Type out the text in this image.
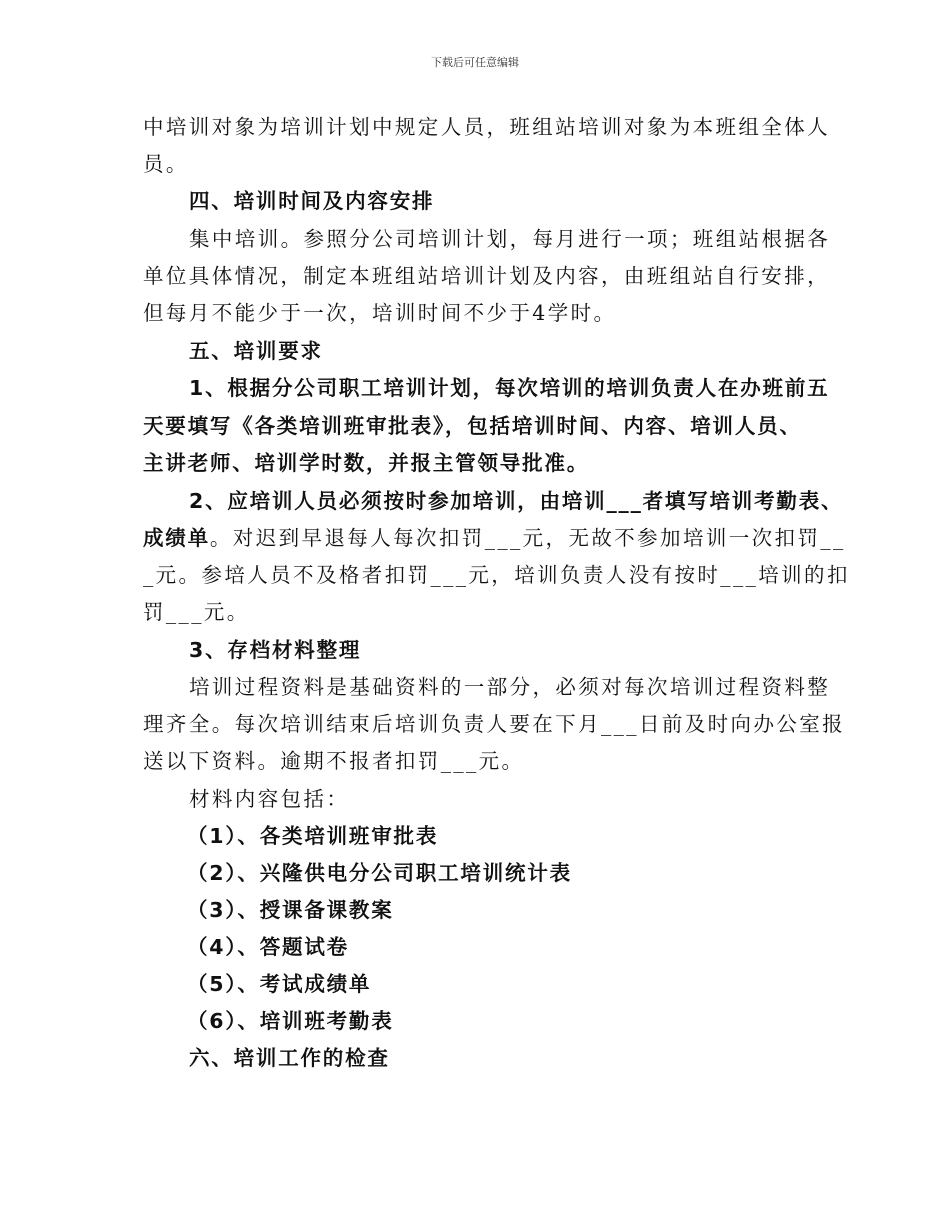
下载后可任意编辑
中培训对象为培训计划中规定人员，班组站培训对象为本班组全体人
员。
四、培训时间及内容安排
集中培训。参照分公司培训计划，每月进行一项；班组站根据各
单位具体情况，制定本班组站培训计划及内容，由班组站自行安排，
但每月不能少于一次，培训时间不少于4学时。
五、培训要求
1、根据分公司职工培训计划，每次培训的培训负责人在办班前五
天要填写《各类培训班审批表》，包括培训时间、内容、培训人员、
主讲老师、培训学时数，并报主管领导批准。
2、应培训人员必须按时参加培训，由培训___者填写培训考勤表、
成绩单。对迟到早退每人每次扣罚___元，无故不参加培训一次扣罚__
_元。参培人员不及格者扣罚___元，培训负责人没有按时___培训的扣
罚___元。
3、存档材料整理
培训过程资料是基础资料的一部分，必须对每次培训过程资料整
理齐全。每次培训结束后培训负责人要在下月___日前及时向办公室报
送以下资料。逾期不报者扣罚___元。
材料内容包括：
（1）、各类培训班审批表
（2）、兴隆供电分公司职工培训统计表
（3）、授课备课教案
（4）、答题试卷
（5）、考试成绩单
（6）、培训班考勤表
六、培训工作的检查
